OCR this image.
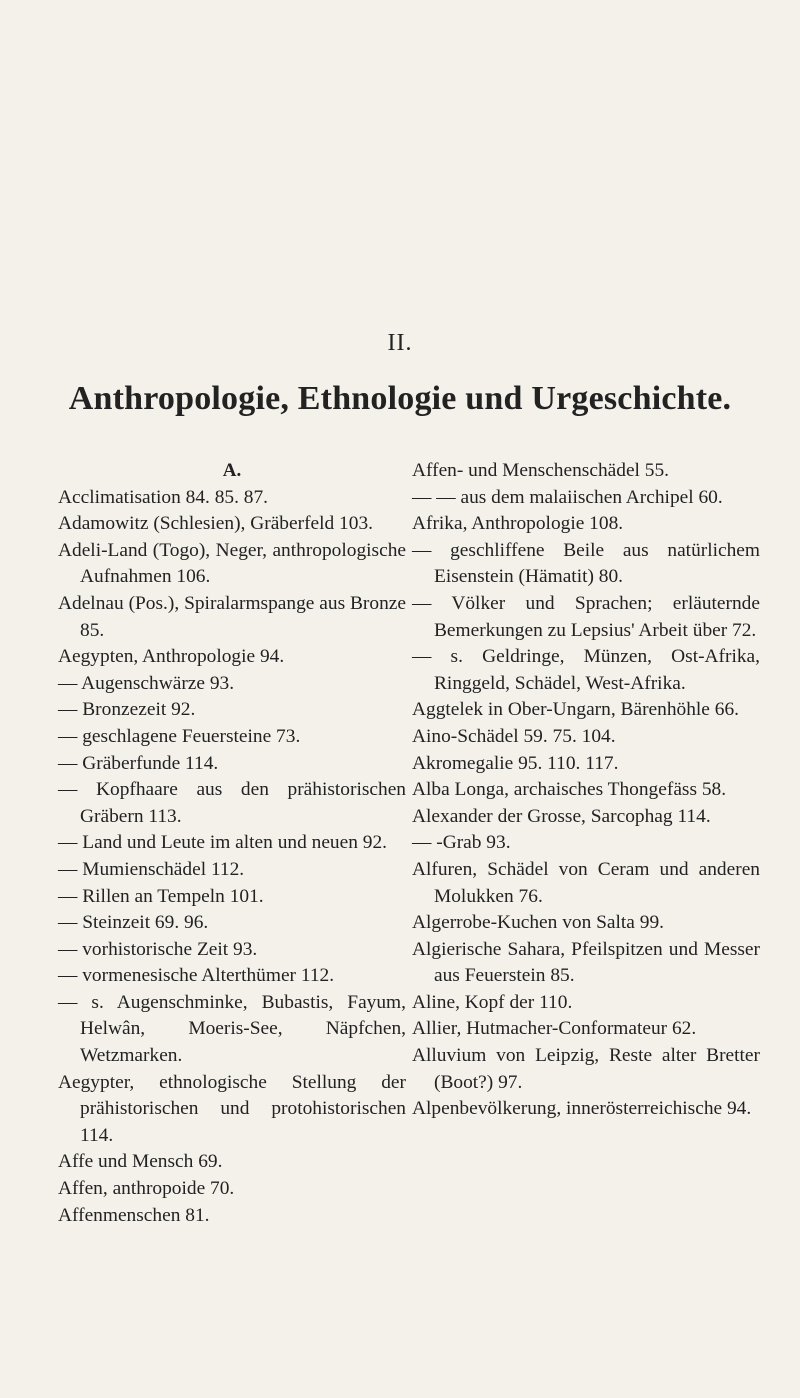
II.
Anthropologie, Ethnologie und Urgeschichte.
A.
Acclimatisation 84. 85. 87.
Adamowitz (Schlesien), Gräberfeld 103.
Adeli-Land (Togo), Neger, anthropologische Aufnahmen 106.
Adelnau (Pos.), Spiralarmspange aus Bronze 85.
Aegypten, Anthropologie 94.
— Augenschwärze 93.
— Bronzezeit 92.
— geschlagene Feuersteine 73.
— Gräberfunde 114.
— Kopfhaare aus den prähistorischen Gräbern 113.
— Land und Leute im alten und neuen 92.
— Mumienschädel 112.
— Rillen an Tempeln 101.
— Steinzeit 69. 96.
— vorhistorische Zeit 93.
— vormenesische Alterthümer 112.
— s. Augenschminke, Bubastis, Fayum, Helwân, Moeris-See, Näpfchen, Wetzmarken.
Aegypter, ethnologische Stellung der prähistorischen und protohistorischen 114.
Affe und Mensch 69.
Affen, anthropoide 70.
Affenmenschen 81.
Affen- und Menschenschädel 55.
— — aus dem malaiischen Archipel 60.
Afrika, Anthropologie 108.
— geschliffene Beile aus natürlichem Eisenstein (Hämatit) 80.
— Völker und Sprachen; erläuternde Bemerkungen zu Lepsius' Arbeit über 72.
— s. Geldringe, Münzen, Ost-Afrika, Ringgeld, Schädel, West-Afrika.
Aggtelek in Ober-Ungarn, Bärenhöhle 66.
Aino-Schädel 59. 75. 104.
Akromegalie 95. 110. 117.
Alba Longa, archaisches Thongefäss 58.
Alexander der Grosse, Sarcophag 114.
— -Grab 93.
Alfuren, Schädel von Ceram und anderen Molukken 76.
Algerrobe-Kuchen von Salta 99.
Algierische Sahara, Pfeilspitzen und Messer aus Feuerstein 85.
Aline, Kopf der 110.
Allier, Hutmacher-Conformateur 62.
Alluvium von Leipzig, Reste alter Bretter (Boot?) 97.
Alpenbevölkerung, innerösterreichische 94.
